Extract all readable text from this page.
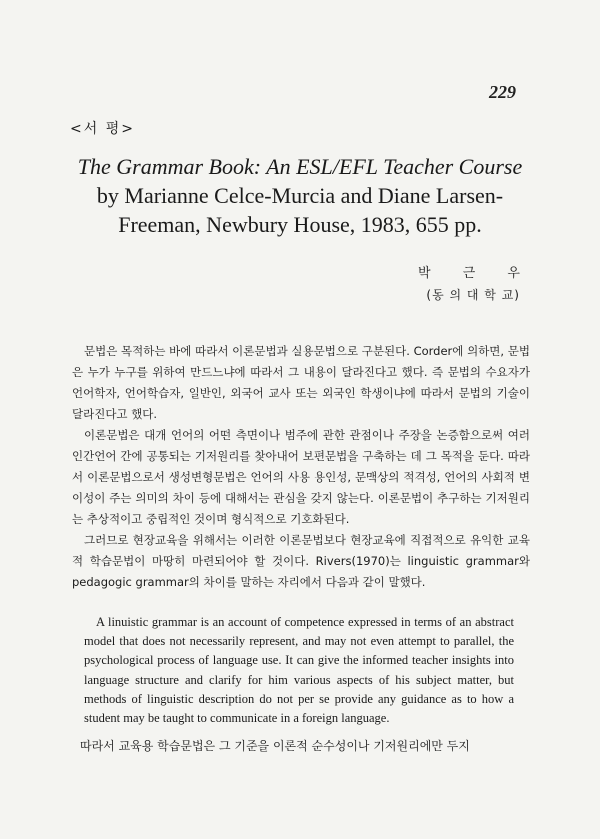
229
<서 평>
The Grammar Book: An ESL/EFL Teacher Course
by Marianne Celce-Murcia and Diane Larsen-
Freeman, Newbury House, 1983, 655 pp.
박 근 우
(동 의 대 학 교)

문법은 목적하는 바에 따라서 이론문법과 실용문법으로 구분된다. Corder에 의하면, 문법은 누가 누구를 위하여 만드느냐에 따라서 그 내용이 달라진다고 했다. 즉 문법의 수요자가 언어학자, 언어학습자, 일반인, 외국어 교사 또는 외국인 학생이냐에 따라서 문법의 기술이 달라진다고 했다.

이론문법은 대개 언어의 어떤 측면이나 범주에 관한 관점이나 주장을 논증함으로써 여러 인간언어 간에 공통되는 기저원리를 찾아내어 보편문법을 구축하는 데 그 목적을 둔다. 따라서 이론문법으로서 생성변형문법은 언어의 사용 용인성, 문맥상의 적격성, 언어의 사회적 변이성이 주는 의미의 차이 등에 대해서는 관심을 갖지 않는다. 이론문법이 추구하는 기저원리는 추상적이고 중립적인 것이며 형식적으로 기호화된다.

그러므로 현장교육을 위해서는 이러한 이론문법보다 현장교육에 직접적으로 유익한 교육적 학습문법이 마땅히 마련되어야 할 것이다. Rivers(1970)는 linguistic grammar와 pedagogic grammar의 차이를 말하는 자리에서 다음과 같이 말했다.

A linuistic grammar is an account of competence expressed in terms of an abstract model that does not necessarily represent, and may not even attempt to parallel, the psychological process of language use. It can give the informed teacher insights into language structure and clarify for him various aspects of his subject matter, but methods of linguistic description do not per se provide any guidance as to how a student may be taught to communicate in a foreign language.

따라서 교육용 학습문법은 그 기준을 이론적 순수성이나 기저원리에만 두지
